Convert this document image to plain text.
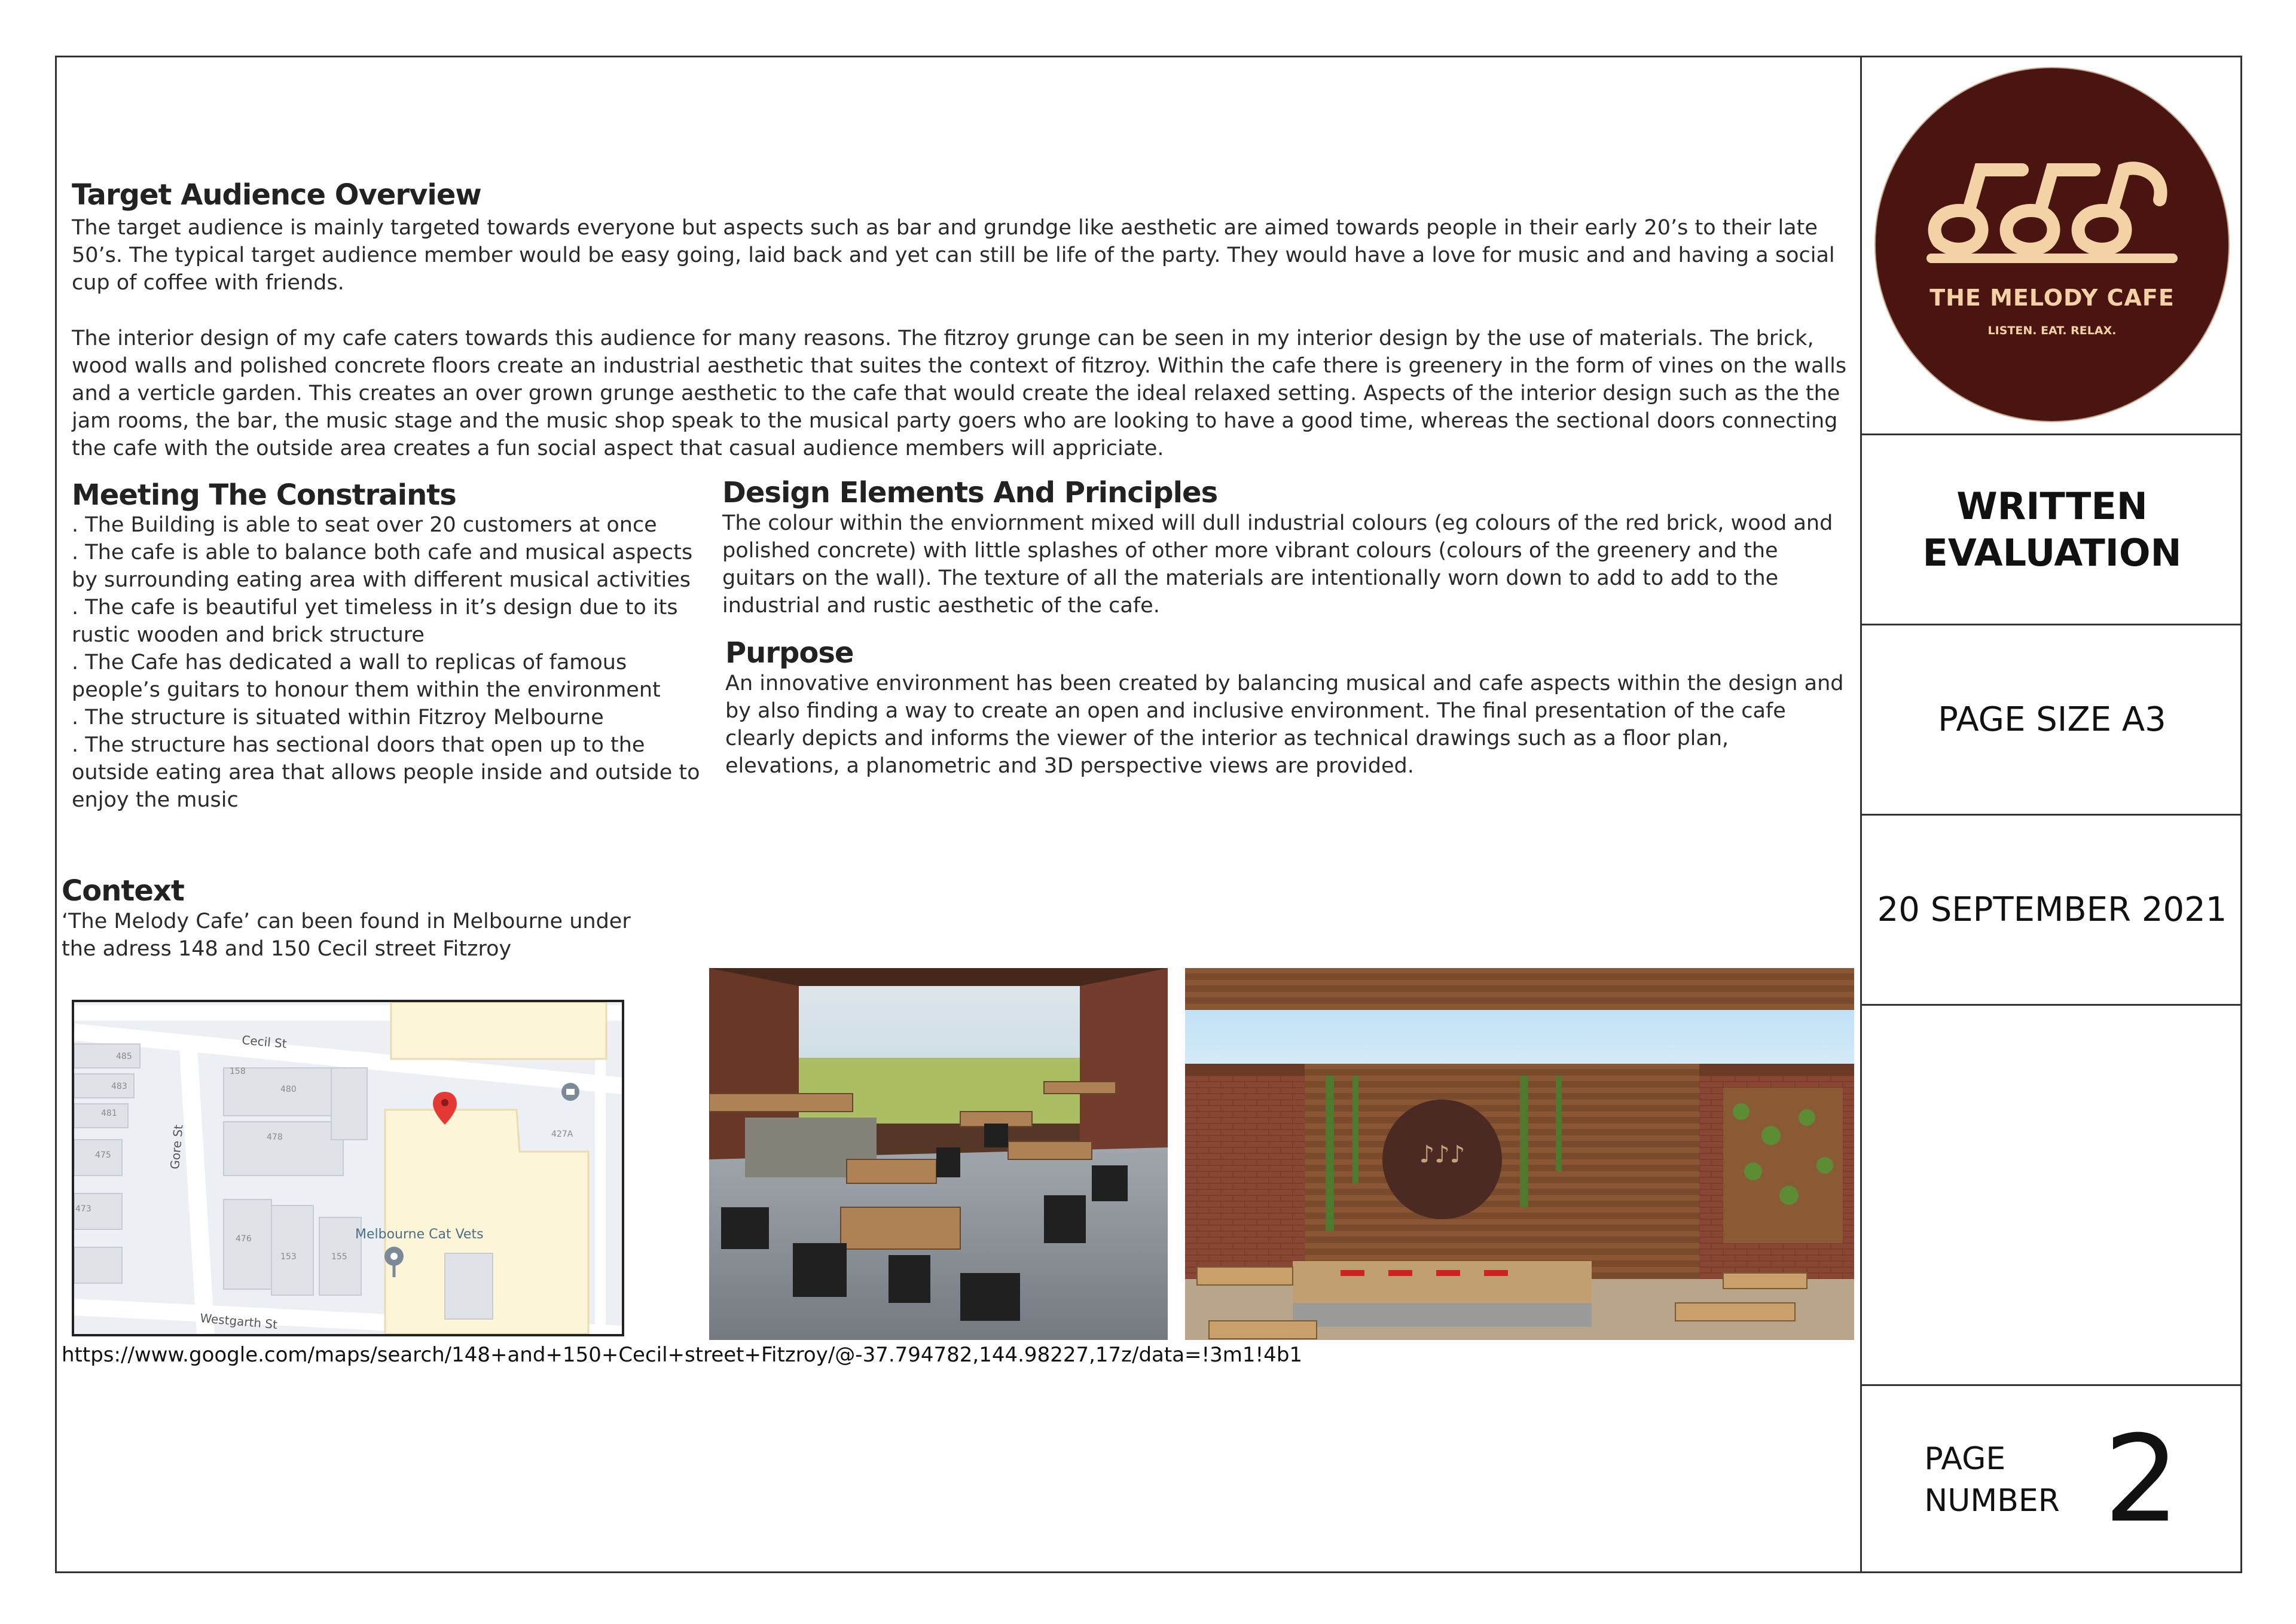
Target Audience Overview

The target audience is mainly targeted towards everyone but aspects such as bar and grundge like aesthetic are aimed towards people in their early 20’s to their late 50’s. The typical target audience member would be easy going, laid back and yet can still be life of the party. They would have a love for music and and having a social cup of coffee with friends.

The interior design of my cafe caters towards this audience for many reasons. The fitzroy grunge can be seen in my interior design by the use of materials. The brick, wood walls and polished concrete floors create an industrial aesthetic that suites the context of fitzroy. Within the cafe there is greenery in the form of vines on the walls and a verticle garden. This creates an over grown grunge aesthetic to the cafe that would create the ideal relaxed setting. Aspects of the interior design such as the the jam rooms, the bar, the music stage and the music shop speak to the musical party goers who are looking to have a good time, whereas the sectional doors connecting the cafe with the outside area creates a fun social aspect that casual audience members will appriciate.

Meeting The Constraints
. The Building is able to seat over 20 customers at once
. The cafe is able to balance both cafe and musical aspects by surrounding eating area with different musical activities
. The cafe is beautiful yet timeless in it’s design due to its rustic wooden and brick structure
. The Cafe has dedicated a wall to replicas of famous people’s guitars to honour them within the environment
. The structure is situated within Fitzroy Melbourne
. The structure has sectional doors that open up to the outside eating area that allows people inside and outside to enjoy the music
Context

‘The Melody Cafe’ can been found in Melbourne under the adress 148 and 150 Cecil street Fitzroy

Design Elements And Principles

The colour within the enviornment mixed will dull industrial colours (eg colours of the red brick, wood and polished concrete) with little splashes of other more vibrant colours (colours of the greenery and the guitars on the wall). The texture of all the materials are intentionally worn down to add to add to the industrial and rustic aesthetic of the cafe.

Purpose

An innovative environment has been created by balancing musical and cafe aspects within the design and by also finding a way to create an open and inclusive environment. The final presentation of the cafe clearly depicts and informs the viewer of the interior as technical drawings such as a floor plan, elevations, a planometric and 3D perspective views are provided.

Cecil St
Gore St
Westgarth St
Melbourne Cat Vets
485
483
481
475
473
158
480
478	427A
476
153	155

https://www.google.com/maps/search/148+and+150+Cecil+street+Fitzroy/@-37.794782,144.98227,17z/data=!3m1!4b1

♪♪♪
THE MELODY CAFE
LISTEN. EAT. RELAX.
WRITTEN EVALUATION
PAGE SIZE A3
20 SEPTEMBER 2021
PAGE NUMBER 2
